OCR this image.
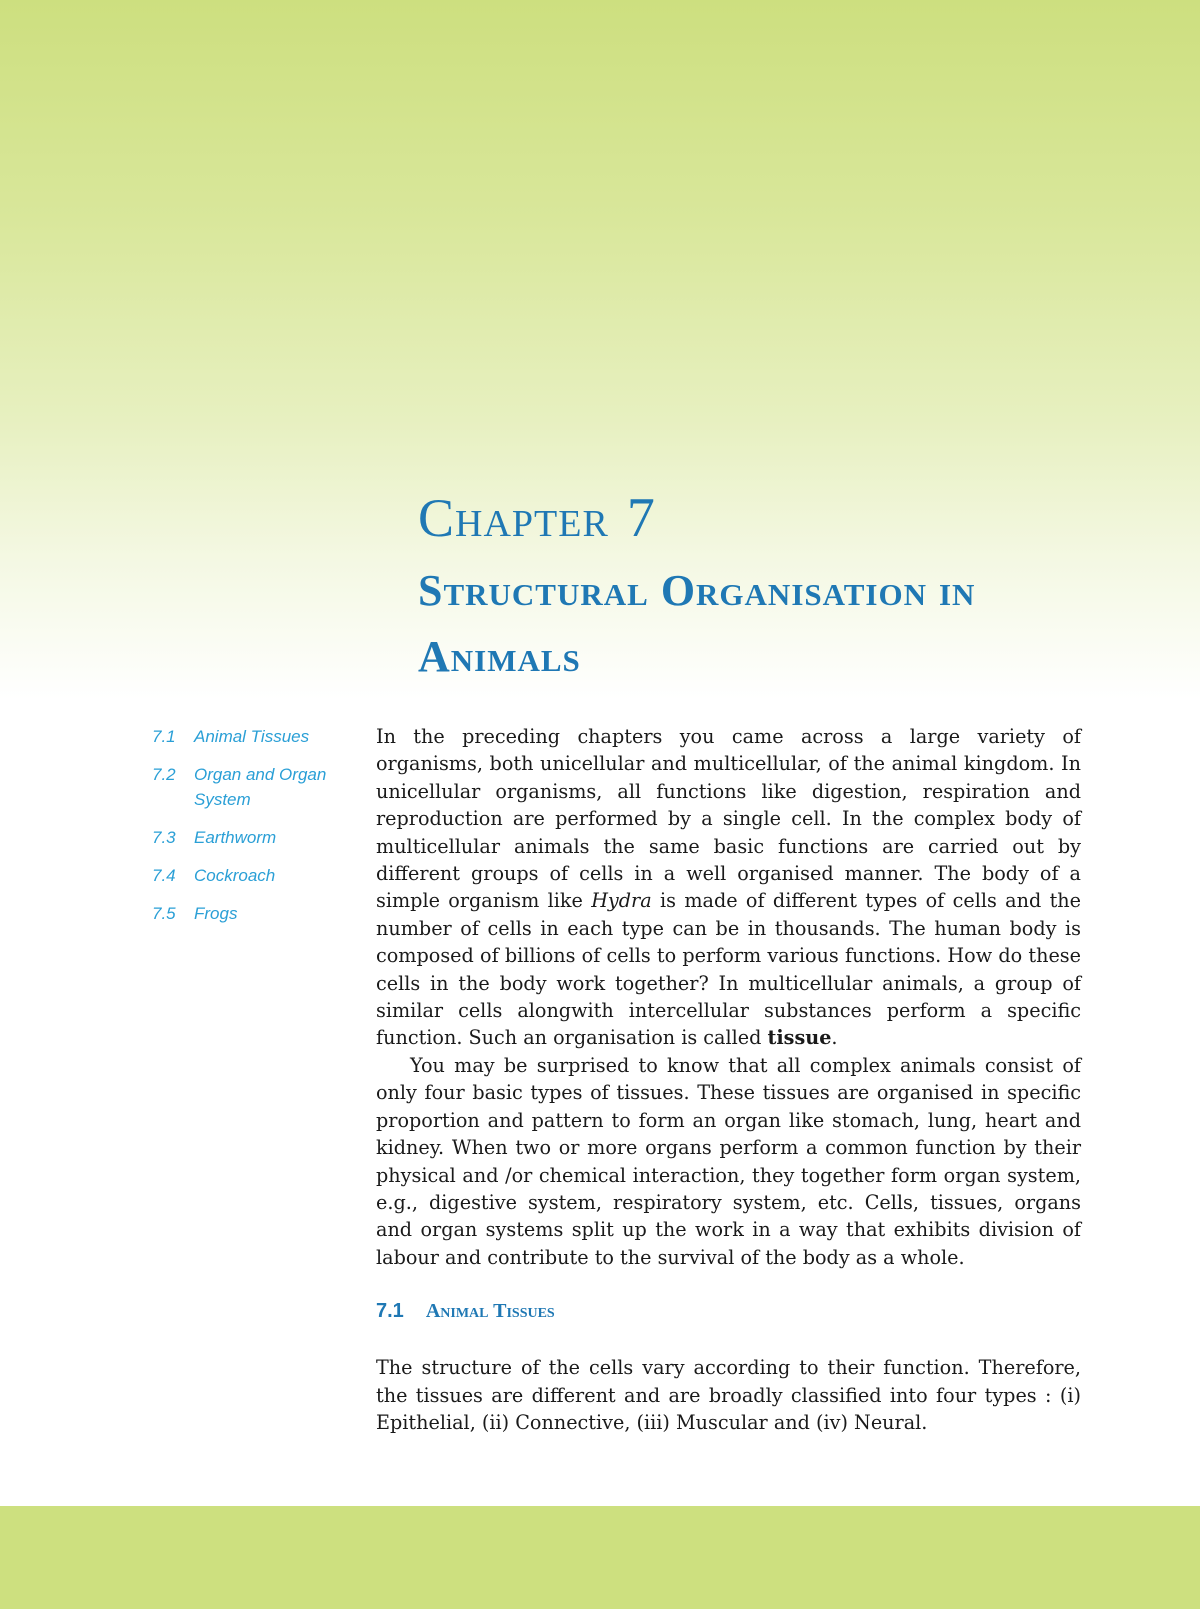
Chapter 7
Structural Organisation in
Animals
7.1	Animal Tissues
7.2	Organ and Organ System
7.3	Earthworm
7.4	Cockroach
7.5	Frogs

In the preceding chapters you came across a large variety of organisms, both unicellular and multicellular, of the animal kingdom. In unicellular organisms, all functions like digestion, respiration and reproduction are performed by a single cell. In the complex body of multicellular animals the same basic functions are carried out by different groups of cells in a well organised manner. The body of a simple organism like Hydra is made of different types of cells and the number of cells in each type can be in thousands. The human body is composed of billions of cells to perform various functions. How do these cells in the body work together? In multicellular animals, a group of similar cells alongwith intercellular substances perform a specific function. Such an organisation is called tissue.

You may be surprised to know that all complex animals consist of only four basic types of tissues. These tissues are organised in specific proportion and pattern to form an organ like stomach, lung, heart and kidney. When two or more organs perform a common function by their physical and /or chemical interaction, they together form organ system, e.g., digestive system, respiratory system, etc. Cells, tissues, organs and organ systems split up the work in a way that exhibits division of labour and contribute to the survival of the body as a whole.

7.1 Animal Tissues

The structure of the cells vary according to their function. Therefore, the tissues are different and are broadly classified into four types : (i) Epithelial, (ii) Connective, (iii) Muscular and (iv) Neural.
